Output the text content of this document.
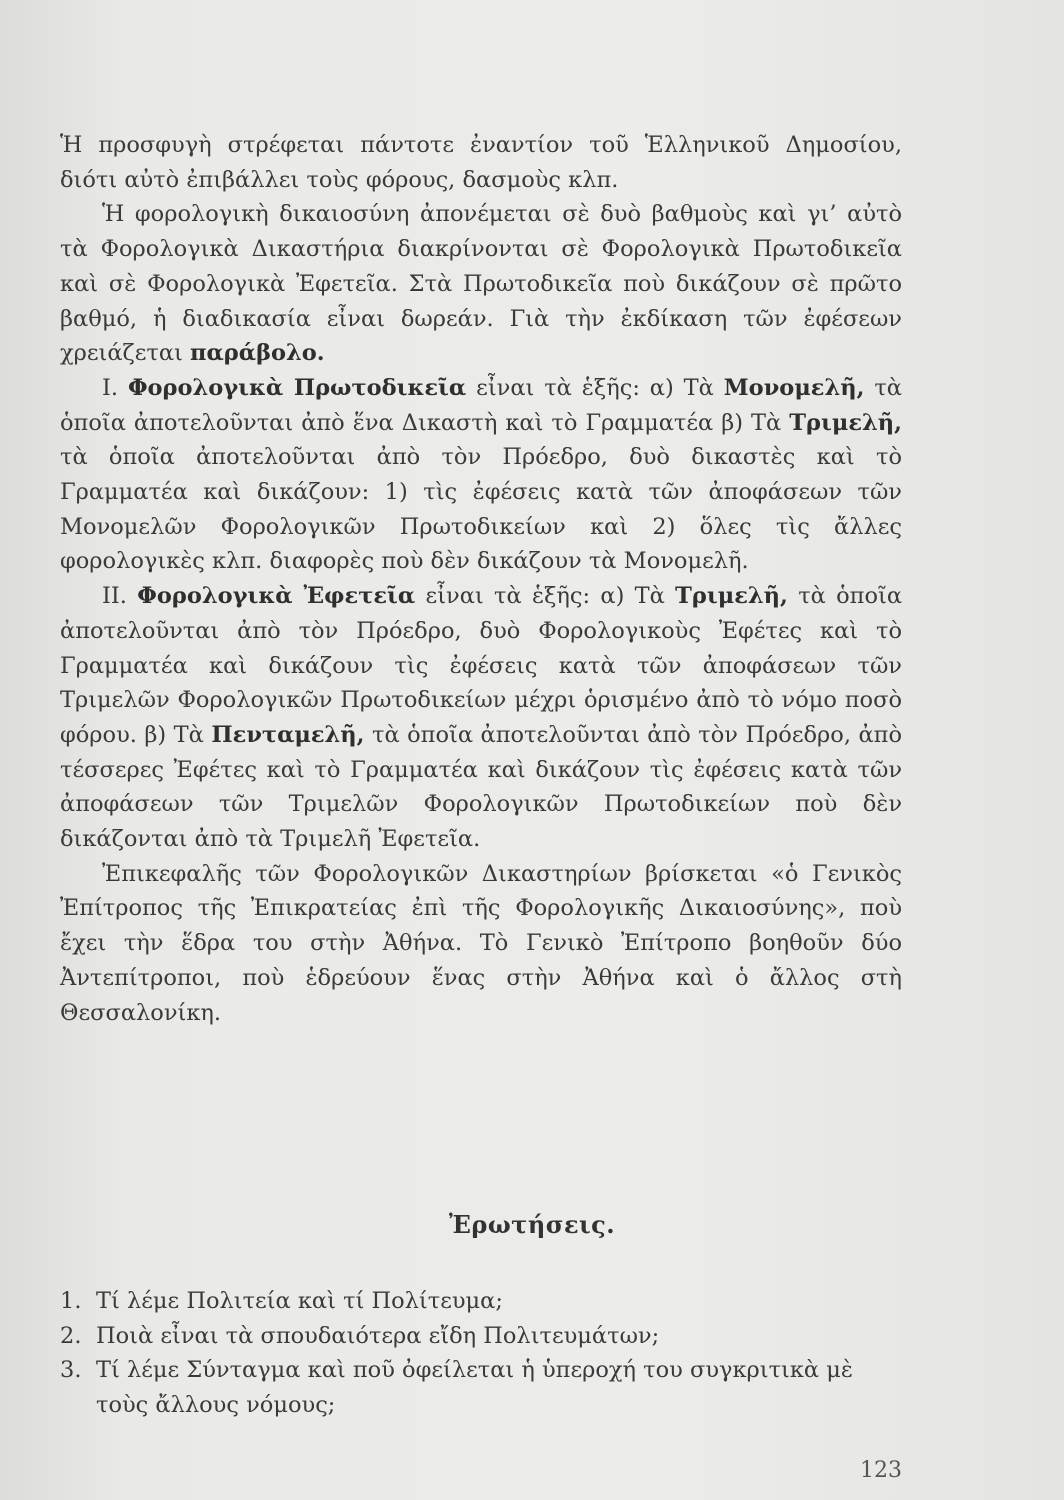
Ἡ προσφυγὴ στρέφεται πάντοτε ἐναντίον τοῦ Ἑλληνικοῦ Δημοσίου, διότι αὐτὸ ἐπιβάλλει τοὺς φόρους, δασμοὺς κλπ.

Ἡ φορολογικὴ δικαιοσύνη ἀπονέμεται σὲ δυὸ βαθμοὺς καὶ γι’ αὐτὸ τὰ Φορολογικὰ Δικαστήρια διακρίνονται σὲ Φορολογικὰ Πρωτοδικεῖα καὶ σὲ Φορολογικὰ Ἐφετεῖα. Στὰ Πρωτοδικεῖα ποὺ δικάζουν σὲ πρῶτο βαθμό, ἡ διαδικασία εἶναι δωρεάν. Γιὰ τὴν ἐκδίκαση τῶν ἐφέσεων χρειάζεται παράβολο.

I. Φορολογικὰ Πρωτοδικεῖα εἶναι τὰ ἑξῆς: α) Τὰ Μονομελῆ, τὰ ὁποῖα ἀποτελοῦνται ἀπὸ ἕνα Δικαστὴ καὶ τὸ Γραμματέα β) Τὰ Τριμελῆ, τὰ ὁποῖα ἀποτελοῦνται ἀπὸ τὸν Πρόεδρο, δυὸ δικαστὲς καὶ τὸ Γραμματέα καὶ δικάζουν: 1) τὶς ἐφέσεις κατὰ τῶν ἀποφάσεων τῶν Μονομελῶν Φορολογικῶν Πρωτοδικείων καὶ 2) ὅλες τὶς ἄλλες φορολογικὲς κλπ. διαφορὲς ποὺ δὲν δικάζουν τὰ Μονομελῆ.

II. Φορολογικὰ Ἐφετεῖα εἶναι τὰ ἑξῆς: α) Τὰ Τριμελῆ, τὰ ὁποῖα ἀποτελοῦνται ἀπὸ τὸν Πρόεδρο, δυὸ Φορολογικοὺς Ἐφέτες καὶ τὸ Γραμματέα καὶ δικάζουν τὶς ἐφέσεις κατὰ τῶν ἀποφάσεων τῶν Τριμελῶν Φορολογικῶν Πρωτοδικείων μέχρι ὁρισμένο ἀπὸ τὸ νόμο ποσὸ φόρου. β) Τὰ Πενταμελῆ, τὰ ὁποῖα ἀποτελοῦνται ἀπὸ τὸν Πρόεδρο, ἀπὸ τέσσερες Ἐφέτες καὶ τὸ Γραμματέα καὶ δικάζουν τὶς ἐφέσεις κατὰ τῶν ἀποφάσεων τῶν Τριμελῶν Φορολογικῶν Πρωτοδικείων ποὺ δὲν δικάζονται ἀπὸ τὰ Τριμελῆ Ἐφετεῖα.

Ἐπικεφαλῆς τῶν Φορολογικῶν Δικαστηρίων βρίσκεται «ὁ Γενικὸς Ἐπίτροπος τῆς Ἐπικρατείας ἐπὶ τῆς Φορολογικῆς Δικαιοσύνης», ποὺ ἔχει τὴν ἕδρα του στὴν Ἀθήνα. Τὸ Γενικὸ Ἐπίτροπο βοηθοῦν δύο Ἀντεπίτροποι, ποὺ ἑδρεύουν ἕνας στὴν Ἀθήνα καὶ ὁ ἄλλος στὴ Θεσσαλονίκη.

Ἐρωτήσεις.
1. Τί λέμε Πολιτεία καὶ τί Πολίτευμα;
2. Ποιὰ εἶναι τὰ σπουδαιότερα εἴδη Πολιτευμάτων;
3. Τί λέμε Σύνταγμα καὶ ποῦ ὀφείλεται ἡ ὑπεροχή του συγκριτικὰ μὲ τοὺς ἄλλους νόμους;
123
